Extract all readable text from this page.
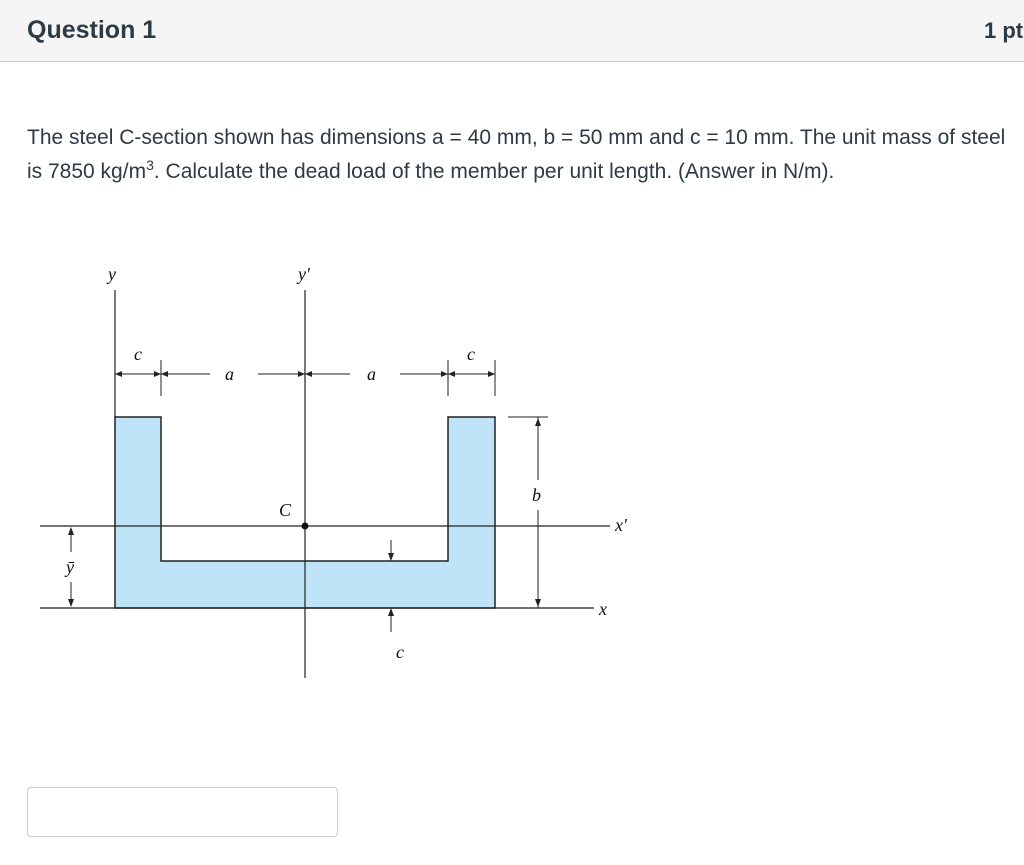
Question 1	1 pt
The steel C-section shown has dimensions a = 40 mm, b = 50 mm and c = 10 mm. The unit mass of steel is 7850 $kg/m^3$. Calculate the dead load of the member per unit length. (Answer in N/m).
y	y'
c
a	a
c
b
C
x'
x
ȳ
c
